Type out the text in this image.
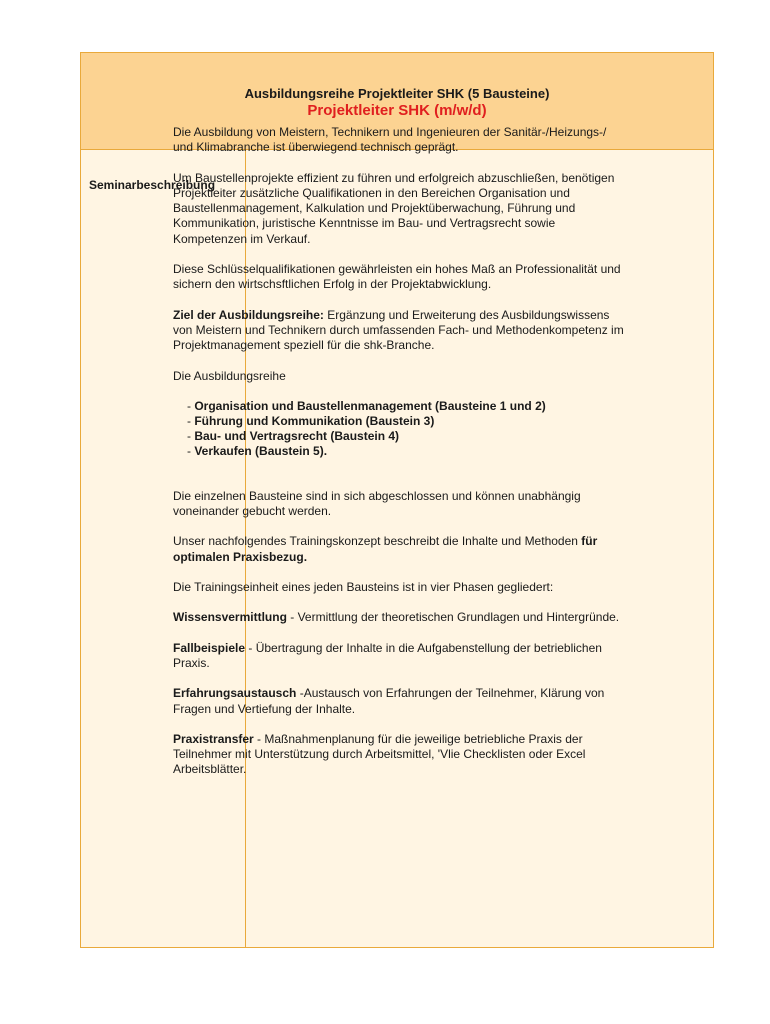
Ausbildungsreihe Projektleiter SHK (5 Bausteine)
Projektleiter SHK (m/w/d)
Seminarbeschreibung

Die Ausbildung von Meistern, Technikern und Ingenieuren der Sanitär-/Heizungs-/ und Klimabranche ist überwiegend technisch geprägt.

Um Baustellenprojekte effizient zu führen und erfolgreich abzuschließen, benötigen Projektleiter zusätzliche Qualifikationen in den Bereichen Organisation und Baustellenmanagement, Kalkulation und Projektüberwachung, Führung und Kommunikation, juristische Kenntnisse im Bau- und Vertragsrecht sowie Kompetenzen im Verkauf.

Diese Schlüsselqualifikationen gewährleisten ein hohes Maß an Professionalität und sichern den wirtschsftlichen Erfolg in der Projektabwicklung.

Ziel der Ausbildungsreihe: Ergänzung und Erweiterung des Ausbildungswissens von Meistern und Technikern durch umfassenden Fach- und Methodenkompetenz im Projektmanagement speziell für die shk-Branche.

Die Ausbildungsreihe

- Organisation und Baustellenmanagement (Bausteine 1 und 2)
- Führung und Kommunikation (Baustein 3)
- Bau- und Vertragsrecht (Baustein 4)
- Verkaufen (Baustein 5).

Die einzelnen Bausteine sind in sich abgeschlossen und können unabhängig voneinander gebucht werden.

Unser nachfolgendes Trainingskonzept beschreibt die Inhalte und Methoden für optimalen Praxisbezug.

Die Trainingseinheit eines jeden Bausteins ist in vier Phasen gegliedert:

Wissensvermittlung - Vermittlung der theoretischen Grundlagen und Hintergründe.

Fallbeispiele - Übertragung der Inhalte in die Aufgabenstellung der betrieblichen Praxis.

Erfahrungsaustausch -Austausch von Erfahrungen der Teilnehmer, Klärung von Fragen und Vertiefung der Inhalte.

Praxistransfer - Maßnahmenplanung für die jeweilige betriebliche Praxis der Teilnehmer mit Unterstützung durch Arbeitsmittel, 'Vlie Checklisten oder Excel Arbeitsblätter.
